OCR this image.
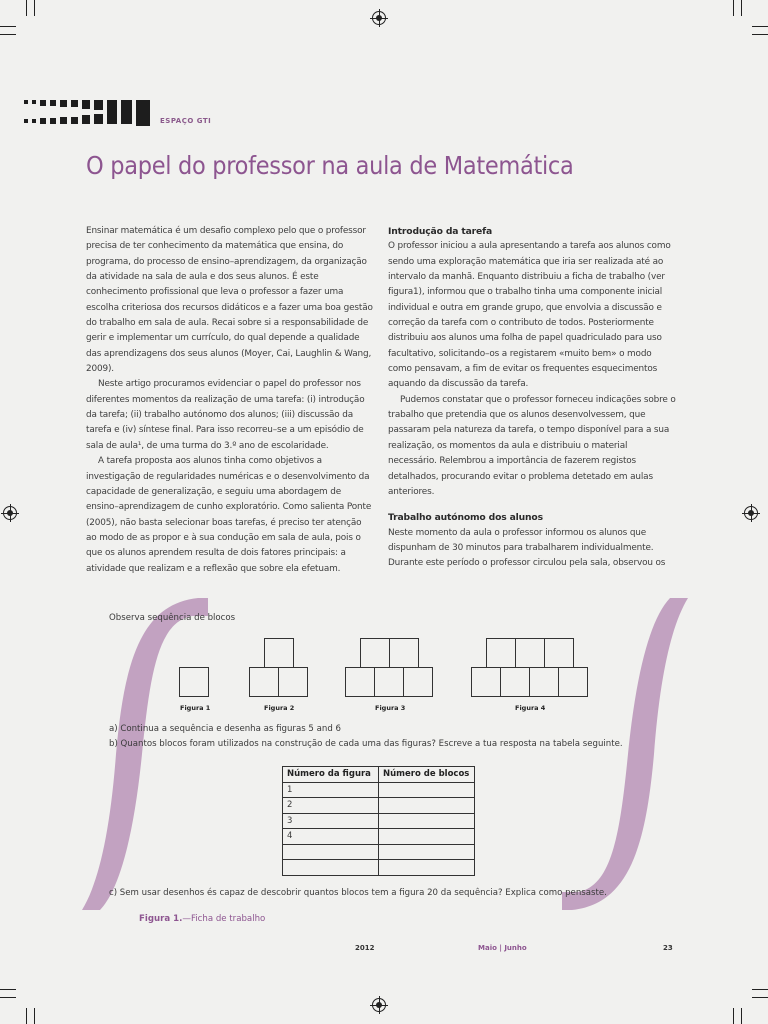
ESPAÇO GTI
O papel do professor na aula de Matemática

Ensinar matemática é um desafio complexo pelo que o professor precisa de ter conhecimento da matemática que ensina, do programa, do processo de ensino–aprendizagem, da organização da atividade na sala de aula e dos seus alunos. É este conhecimento profissional que leva o professor a fazer uma escolha criteriosa dos recursos didáticos e a fazer uma boa gestão do trabalho em sala de aula. Recai sobre si a responsabilidade de gerir e implementar um currículo, do qual depende a qualidade das aprendizagens dos seus alunos (Moyer, Cai, Laughlin & Wang, 2009).

Neste artigo procuramos evidenciar o papel do professor nos diferentes momentos da realização de uma tarefa: (i) introdução da tarefa; (ii) trabalho autónomo dos alunos; (iii) discussão da tarefa e (iv) síntese final. Para isso recorreu–se a um episódio de sala de aula¹, de uma turma do 3.º ano de escolaridade.

A tarefa proposta aos alunos tinha como objetivos a investigação de regularidades numéricas e o desenvolvimento da capacidade de generalização, e seguiu uma abordagem de ensino–aprendizagem de cunho exploratório. Como salienta Ponte (2005), não basta selecionar boas tarefas, é preciso ter atenção ao modo de as propor e à sua condução em sala de aula, pois o que os alunos aprendem resulta de dois fatores principais: a atividade que realizam e a reflexão que sobre ela efetuam.

Introdução da tarefa

O professor iniciou a aula apresentando a tarefa aos alunos como sendo uma exploração matemática que iria ser realizada até ao intervalo da manhã. Enquanto distribuiu a ficha de trabalho (ver figura1), informou que o trabalho tinha uma componente inicial individual e outra em grande grupo, que envolvia a discussão e correção da tarefa com o contributo de todos. Posteriormente distribuiu aos alunos uma folha de papel quadriculado para uso facultativo, solicitando–os a registarem «muito bem» o modo como pensavam, a fim de evitar os frequentes esquecimentos aquando da discussão da tarefa.

Pudemos constatar que o professor forneceu indicações sobre o trabalho que pretendia que os alunos desenvolvessem, que passaram pela natureza da tarefa, o tempo disponível para a sua realização, os momentos da aula e distribuiu o material necessário. Relembrou a importância de fazerem registos detalhados, procurando evitar o problema detetado em aulas anteriores.

Trabalho autónomo dos alunos

Neste momento da aula o professor informou os alunos que dispunham de 30 minutos para trabalharem individualmente. Durante este período o professor circulou pela sala, observou os

Observa sequência de blocos
Figura 1	Figura 2	Figura 3	Figura 4
a) Continua a sequência e desenha as figuras 5 and 6
b) Quantos blocos foram utilizados na construção de cada uma das figuras? Escreve a tua resposta na tabela seguinte.
Número da figura	Número de blocos
1	
2	
3	
4	

c) Sem usar desenhos és capaz de descobrir quantos blocos tem a figura 20 da sequência? Explica como pensaste.
Figura 1.—Ficha de trabalho
2012	Maio | Junho	23
